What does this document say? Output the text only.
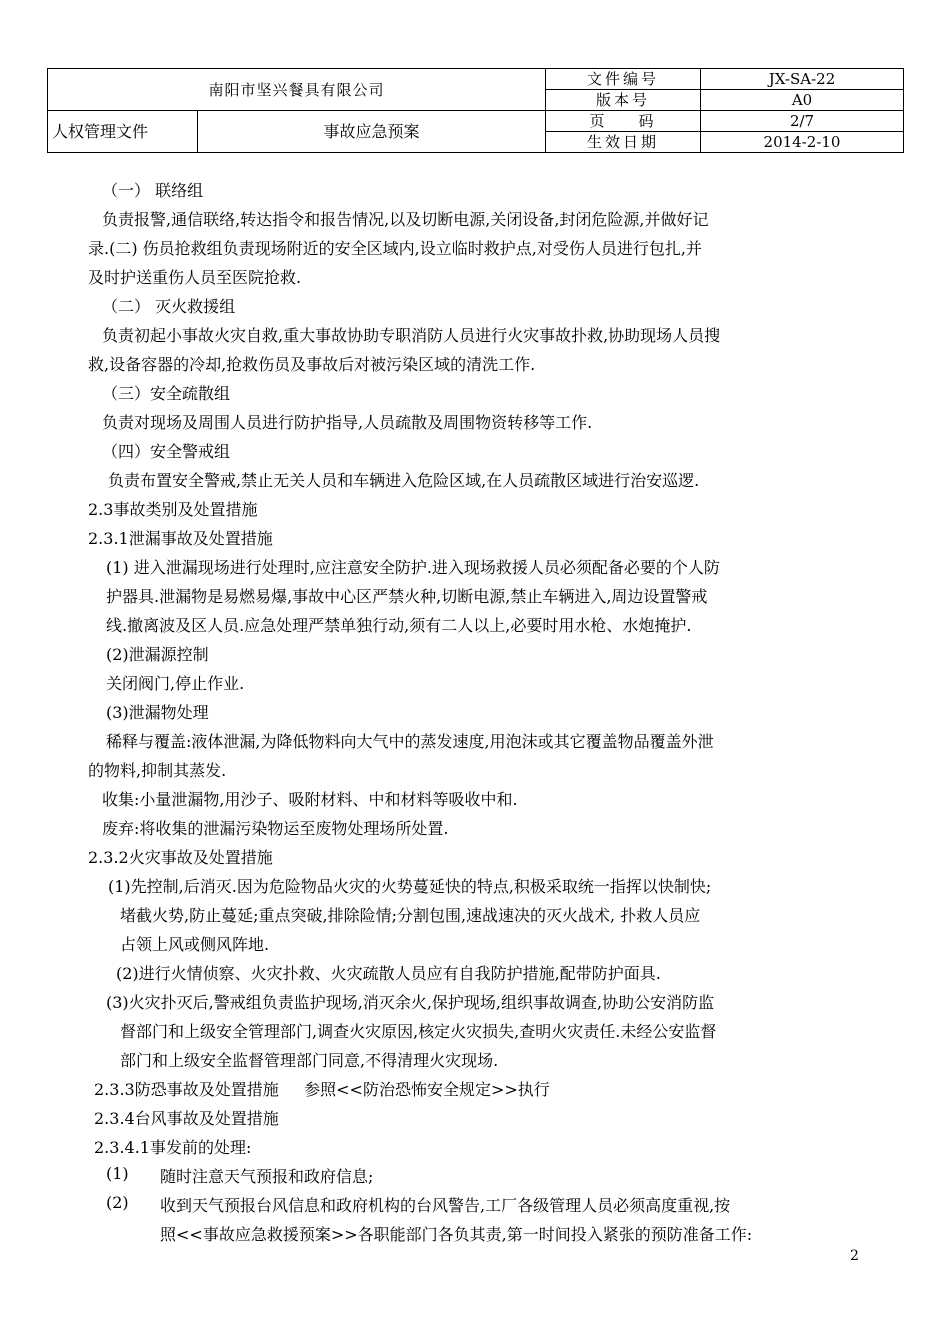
南阳市坚兴餐具有限公司		文件编号	JX-SA-22
		版本号	A0
人权管理文件	事故应急预案	页    码	2/7
		生效日期	2014-2-10
（一） 联络组
负责报警,通信联络,转达指令和报告情况,以及切断电源,关闭设备,封闭危险源,并做好记
录.(二) 伤员抢救组负责现场附近的安全区域内,设立临时救护点,对受伤人员进行包扎,并
及时护送重伤人员至医院抢救.
（二） 灭火救援组
负责初起小事故火灾自救,重大事故协助专职消防人员进行火灾事故扑救,协助现场人员搜
救,设备容器的冷却,抢救伤员及事故后对被污染区域的清洗工作.
（三）安全疏散组
负责对现场及周围人员进行防护指导,人员疏散及周围物资转移等工作.
（四）安全警戒组
负责布置安全警戒,禁止无关人员和车辆进入危险区域,在人员疏散区域进行治安巡逻.
2.3事故类别及处置措施
2.3.1泄漏事故及处置措施
(1) 进入泄漏现场进行处理时,应注意安全防护.进入现场救援人员必须配备必要的个人防
护器具.泄漏物是易燃易爆,事故中心区严禁火种,切断电源,禁止车辆进入,周边设置警戒
线.撤离波及区人员.应急处理严禁单独行动,须有二人以上,必要时用水枪、水炮掩护.
(2)泄漏源控制
关闭阀门,停止作业.
(3)泄漏物处理
稀释与覆盖:液体泄漏,为降低物料向大气中的蒸发速度,用泡沫或其它覆盖物品覆盖外泄
的物料,抑制其蒸发.
收集:小量泄漏物,用沙子、吸附材料、中和材料等吸收中和.
废弃:将收集的泄漏污染物运至废物处理场所处置.
2.3.2火灾事故及处置措施
(1)先控制,后消灭.因为危险物品火灾的火势蔓延快的特点,积极采取统一指挥以快制快;
堵截火势,防止蔓延;重点突破,排除险情;分割包围,速战速决的灭火战术, 扑救人员应
占领上风或侧风阵地.
(2)进行火情侦察、火灾扑救、火灾疏散人员应有自我防护措施,配带防护面具.
(3)火灾扑灭后,警戒组负责监护现场,消灭余火,保护现场,组织事故调查,协助公安消防监
督部门和上级安全管理部门,调查火灾原因,核定火灾损失,查明火灾责任.未经公安监督
部门和上级安全监督管理部门同意,不得清理火灾现场.
2.3.3防恐事故及处置措施     参照<<防治恐怖安全规定>>执行
2.3.4台风事故及处置措施
2.3.4.1事发前的处理:
(1) 随时注意天气预报和政府信息;
(2) 收到天气预报台风信息和政府机构的台风警告,工厂各级管理人员必须高度重视,按
照<<事故应急救援预案>>各职能部门各负其责,第一时间投入紧张的预防准备工作:
2
